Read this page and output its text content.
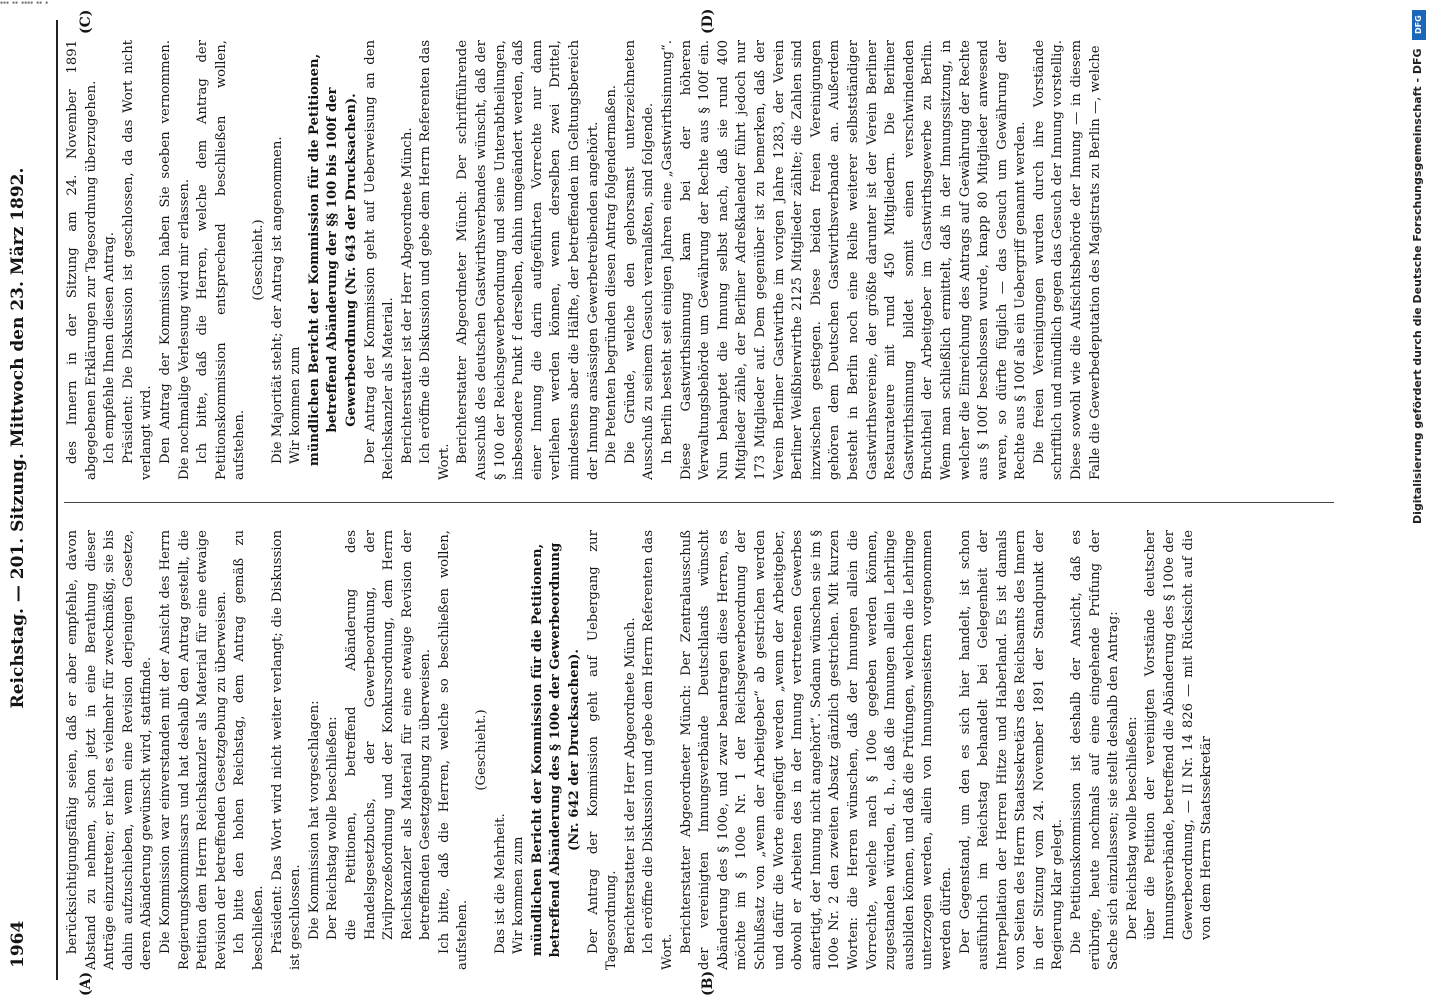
▪▪▪ ▪▪ ▪▪▪▪ ▪▪ ▪
1964
Reichstag. — 201. Sitzung. Mittwoch den 23. März 1892.
(A)	(B)
(C)	(D)

berücksichtigungsfähig seien, daß er aber empfehle, davon Abstand zu nehmen, schon jetzt in eine Berathung dieser Anträge einzutreten; er hielt es vielmehr für zweckmäßig, sie bis dahin aufzuschieben, wenn eine Revision derjenigen Gesetze, deren Abänderung gewünscht wird, stattfinde. Die Kommission war einverstanden mit der Ansicht des Herrn Regierungskommissars und hat deshalb den Antrag gestellt, die Petition dem Herrn Reichskanzler als Material für eine etwaige Revision der betreffenden Gesetzgebung zu überweisen. Ich bitte den hohen Reichstag, dem Antrag gemäß zu beschließen. Präsident: Das Wort wird nicht weiter verlangt; die Diskussion ist geschlossen. Die Kommission hat vorgeschlagen: Der Reichstag wolle beschließen: die Petitionen, betreffend Abänderung des Handelsgesetzbuchs, der Gewerbeordnung, der Zivilprozeßordnung und der Konkursordnung, dem Herrn Reichskanzler als Material für eine etwaige Revision der betreffenden Gesetzgebung zu überweisen. Ich bitte, daß die Herren, welche so beschließen wollen, aufstehen.

(Geschieht.)

Das ist die Mehrheit. Wir kommen zum mündlichen Bericht der Kommission für die Petitionen, betreffend Abänderung des § 100e der Gewerbeordnung (Nr. 642 der Drucksachen). Der Antrag der Kommission geht auf Uebergang zur Tagesordnung. Berichterstatter ist der Herr Abgeordnete Münch. Ich eröffne die Diskussion und gebe dem Herrn Referenten das Wort. Berichterstatter Abgeordneter Münch: Der Zentralausschuß der vereinigten Innungsverbände Deutschlands wünscht Abänderung des § 100e, und zwar beantragen diese Herren, es möchte im § 100e Nr. 1 der Reichsgewerbeordnung der Schlußsatz von „wenn der Arbeitgeber“ ab gestrichen werden und dafür die Worte eingefügt werden „wenn der Arbeitgeber, obwohl er Arbeiten des in der Innung vertretenen Gewerbes anfertigt, der Innung nicht angehört“. Sodann wünschen sie im § 100e Nr. 2 den zweiten Absatz gänzlich gestrichen. Mit kurzen Worten: die Herren wünschen, daß der Innungen allein die Vorrechte, welche nach § 100e gegeben werden können, zugestanden würden, d. h., daß die Innungen allein Lehrlinge ausbilden können, und daß die Prüfungen, welchen die Lehrlinge unterzogen werden, allein von Innungsmeistern vorgenommen werden dürfen. Der Gegenstand, um den es sich hier handelt, ist schon ausführlich im Reichstag behandelt bei Gelegenheit der Interpellation der Herren Hitze und Haberland. Es ist damals von Seiten des Herrn Staatssekretärs des Reichsamts des Innern in der Sitzung vom 24. November 1891 der Standpunkt der Regierung klar gelegt. Die Petitionskommission ist deshalb der Ansicht, daß es erübrige, heute nochmals auf eine eingehende Prüfung der Sache sich einzulassen; sie stellt deshalb den Antrag: Der Reichstag wolle beschließen: über die Petition der vereinigten Vorstände deutscher Innungsverbände, betreffend die Abänderung des § 100e der Gewerbeordnung, — II Nr. 14 826 — mit Rücksicht auf die von dem Herrn Staatssekretär

des Innern in der Sitzung am 24. November 1891 abgegebenen Erklärungen zur Tagesordnung überzugehen. Ich empfehle Ihnen diesen Antrag. Präsident: Die Diskussion ist geschlossen, da das Wort nicht verlangt wird. Den Antrag der Kommission haben Sie soeben vernommen. Die nochmalige Verlesung wird mir erlassen. Ich bitte, daß die Herren, welche dem Antrag der Petitionskommission entsprechend beschließen wollen, aufstehen.

(Geschieht.) Die Majorität steht; der Antrag ist angenommen. Wir kommen zum mündlichen Bericht der Kommission für die Petitionen, betreffend Abänderung der §§ 100 bis 100f der Gewerbeordnung (Nr. 643 der Drucksachen). Der Antrag der Kommission geht auf Ueberweisung an den Reichskanzler als Material. Berichterstatter ist der Herr Abgeordnete Münch. Ich eröffne die Diskussion und gebe dem Herrn Referenten das Wort. Berichterstatter Abgeordneter Münch: Der schriftführende Ausschuß des deutschen Gastwirthsverbandes wünscht, daß der § 100 der Reichsgewerbeordnung und seine Unterabtheilungen, insbesondere Punkt f derselben, dahin umgeändert werden, daß einer Innung die darin aufgeführten Vorrechte nur dann verliehen werden können, wenn derselben zwei Drittel, mindestens aber die Hälfte, der betreffenden im Geltungsbereich der Innung ansässigen Gewerbetreibenden angehört. Die Petenten begründen diesen Antrag folgendermaßen. Die Gründe, welche den gehorsamst unterzeichneten Ausschuß zu seinem Gesuch veranlaßten, sind folgende. In Berlin besteht seit einigen Jahren eine „Gastwirthsinnung“. Diese Gastwirthsinnung kam bei der höheren Verwaltungsbehörde um Gewährung der Rechte aus § 100f ein. Nun behauptet die Innung selbst nach, daß sie rund 400 Mitglieder zähle, der Berliner Adreßkalender führt jedoch nur 173 Mitglieder auf. Dem gegenüber ist zu bemerken, daß der Verein Berliner Gastwirthe im vorigen Jahre 1283, der Verein Berliner Weißbierwirthe 2125 Mitglieder zählte; die Zahlen sind inzwischen gestiegen. Diese beiden freien Vereinigungen gehören dem Deutschen Gastwirthsverbande an. Außerdem besteht in Berlin noch eine Reihe weiterer selbstständiger Gastwirthsvereine, der größte darunter ist der Verein Berliner Restaurateure mit rund 450 Mitgliedern. Die Berliner Gastwirthsinnung bildet somit einen verschwindenden Bruchtheil der Arbeitgeber im Gastwirthsgewerbe zu Berlin. Wenn man schließlich ermittelt, daß in der Innungssitzung, in welcher die Einreichung des Antrags auf Gewährung der Rechte aus § 100f beschlossen wurde, knapp 80 Mitglieder anwesend waren, so dürfte füglich — das Gesuch um Gewährung der Rechte aus § 100f als ein Uebergriff genannt werden. Die freien Vereinigungen wurden durch ihre Vorstände schriftlich und mündlich gegen das Gesuch der Innung vorstellig. Diese sowohl wie die Aufsichtsbehörde der Innung — in diesem Falle die Gewerbedeputation des Magistrats zu Berlin —, welche

DFG
Digitalisierung gefördert durch die Deutsche Forschungsgemeinschaft - DFG
